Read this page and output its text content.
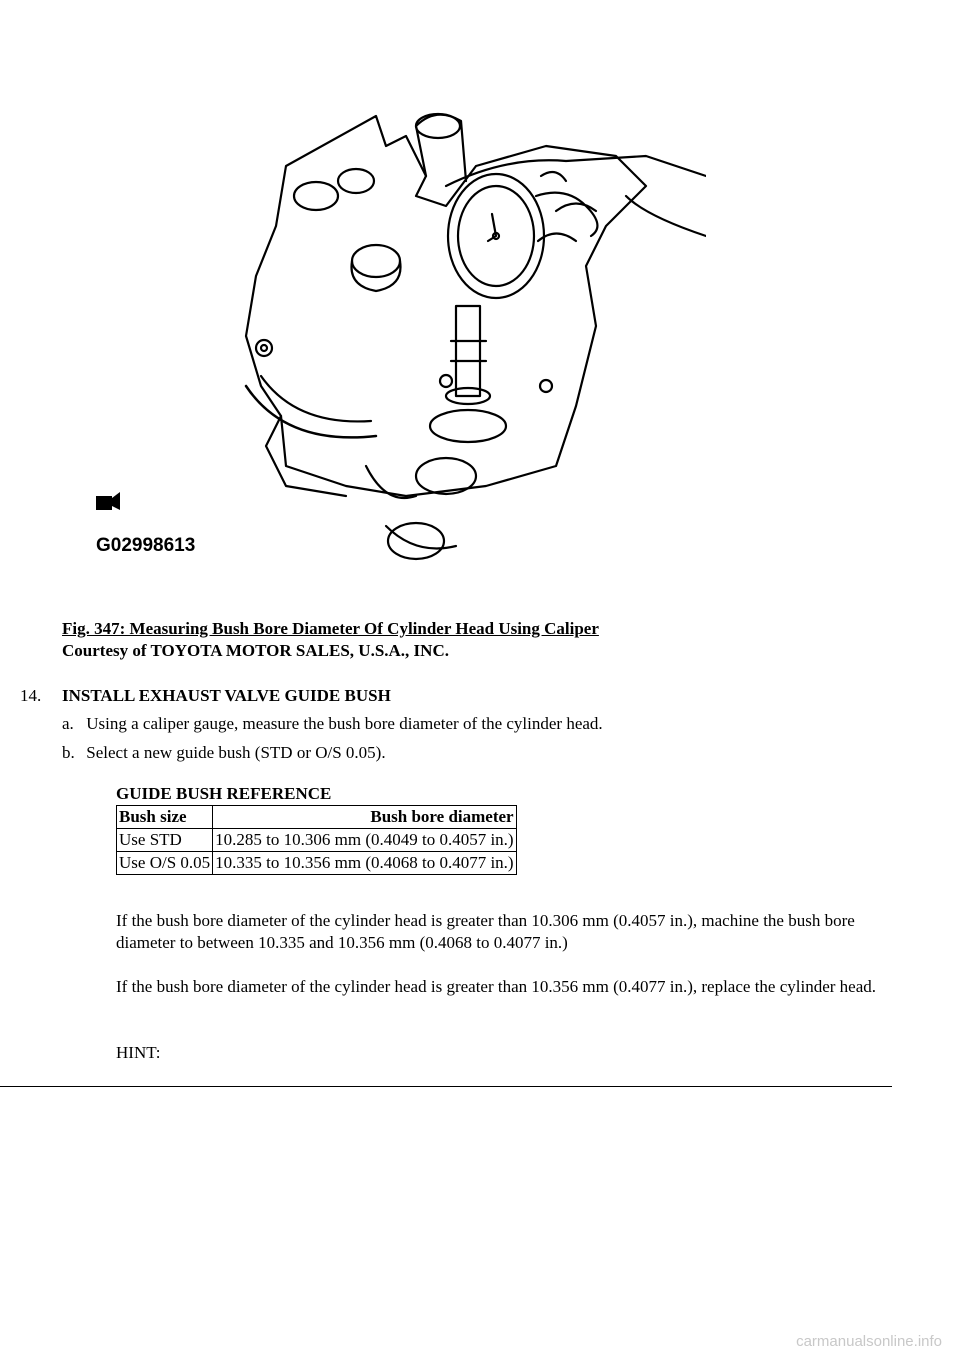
G02998613
Fig. 347: Measuring Bush Bore Diameter Of Cylinder Head Using Caliper
Courtesy of TOYOTA MOTOR SALES, U.S.A., INC.
14. INSTALL EXHAUST VALVE GUIDE BUSH
a. Using a caliper gauge, measure the bush bore diameter of the cylinder head.
b. Select a new guide bush (STD or O/S 0.05).
GUIDE BUSH REFERENCE
Bush size	Bush bore diameter
Use STD	10.285 to 10.306 mm (0.4049 to 0.4057 in.)
Use O/S 0.05	10.335 to 10.356 mm (0.4068 to 0.4077 in.)
If the bush bore diameter of the cylinder head is greater than 10.306 mm (0.4057 in.), machine the bush bore diameter to between 10.335 and 10.356 mm (0.4068 to 0.4077 in.)
If the bush bore diameter of the cylinder head is greater than 10.356 mm (0.4077 in.), replace the cylinder head.
HINT:
carmanualsonline.info
